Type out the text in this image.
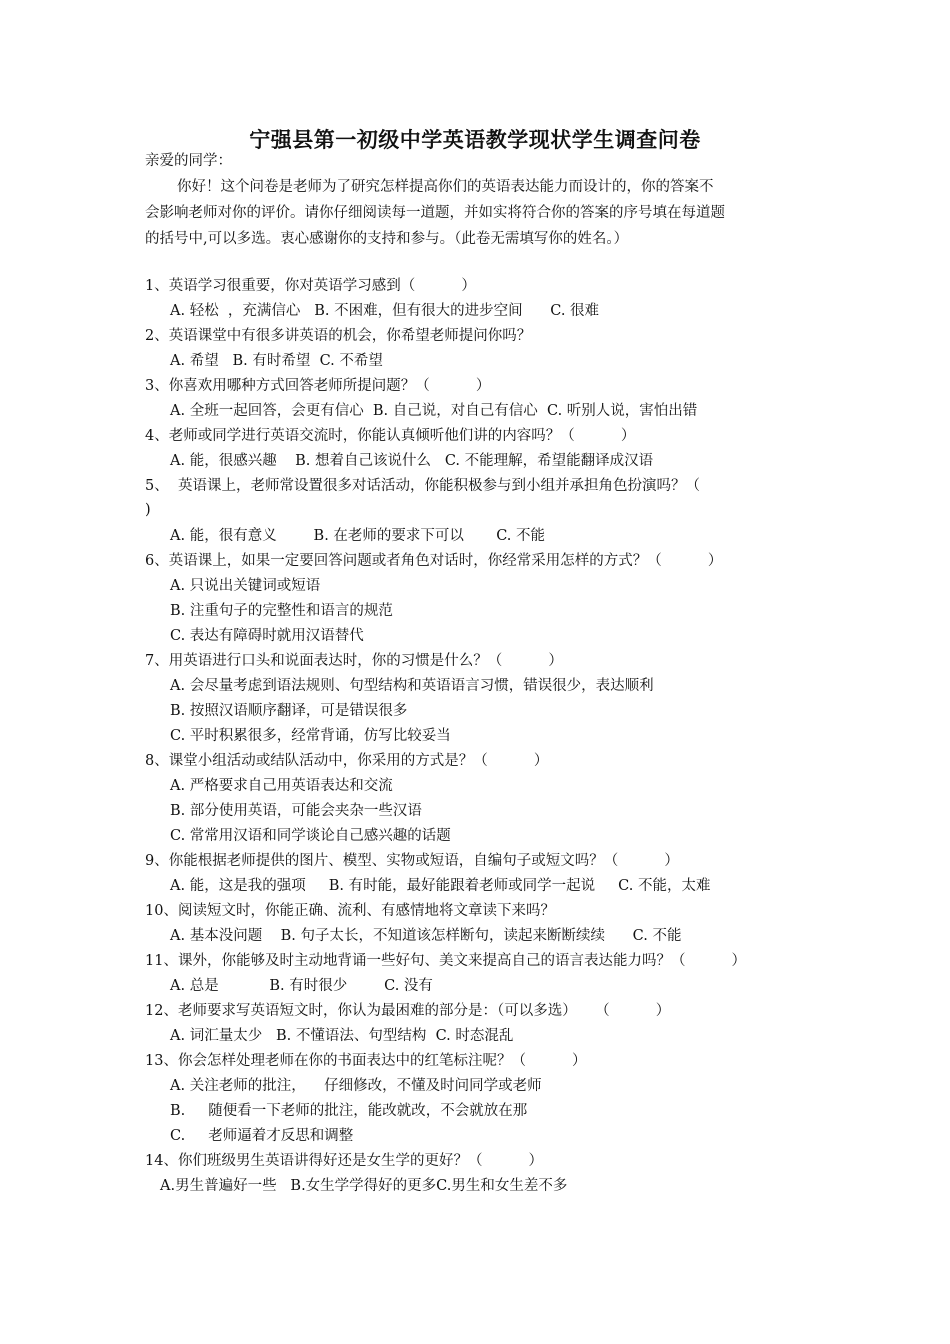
宁强县第一初级中学英语教学现状学生调查问卷
亲爱的同学：
你好！这个问卷是老师为了研究怎样提高你们的英语表达能力而设计的，你的答案不
会影响老师对你的评价。请你仔细阅读每一道题，并如实将符合你的答案的序号填在每道题
的括号中,可以多选。衷心感谢你的支持和参与。（此卷无需填写你的姓名。）
1、英语学习很重要，你对英语学习感到（          ）
A. 轻松  ，充满信心   B. 不困难，但有很大的进步空间      C. 很难
2、英语课堂中有很多讲英语的机会，你希望老师提问你吗？
A. 希望   B. 有时希望  C. 不希望
3、你喜欢用哪种方式回答老师所提问题？（          ）
A. 全班一起回答，会更有信心  B. 自己说，对自己有信心  C. 听别人说，害怕出错
4、老师或同学进行英语交流时，你能认真倾听他们讲的内容吗？（          ）
A. 能，很感兴趣    B. 想着自己该说什么   C. 不能理解，希望能翻译成汉语
5、  英语课上，老师常设置很多对话活动，你能积极参与到小组并承担角色扮演吗？（
)
A. 能，很有意义        B. 在老师的要求下可以       C. 不能
6、英语课上，如果一定要回答问题或者角色对话时，你经常采用怎样的方式？（          ）
A. 只说出关键词或短语
B. 注重句子的完整性和语言的规范
C. 表达有障碍时就用汉语替代
7、用英语进行口头和说面表达时，你的习惯是什么？（          ）
A. 会尽量考虑到语法规则、句型结构和英语语言习惯，错误很少，表达顺利
B. 按照汉语顺序翻译，可是错误很多
C. 平时积累很多，经常背诵，仿写比较妥当
8、课堂小组活动或结队活动中，你采用的方式是？（          ）
A. 严格要求自己用英语表达和交流
B. 部分使用英语，可能会夹杂一些汉语
C. 常常用汉语和同学谈论自己感兴趣的话题
9、你能根据老师提供的图片、模型、实物或短语，自编句子或短文吗？（          ）
A. 能，这是我的强项     B. 有时能，最好能跟着老师或同学一起说     C. 不能，太难
10、阅读短文时，你能正确、流利、有感情地将文章读下来吗？
A. 基本没问题    B. 句子太长，不知道该怎样断句，读起来断断续续      C. 不能
11、课外，你能够及时主动地背诵一些好句、美文来提高自己的语言表达能力吗？（          ）
A. 总是           B. 有时很少        C. 没有
12、老师要求写英语短文时，你认为最困难的部分是：（可以多选）    （          ）
A. 词汇量太少   B. 不懂语法、句型结构  C. 时态混乱
13、你会怎样处理老师在你的书面表达中的红笔标注呢？（          ）
A. 关注老师的批注，    仔细修改，不懂及时问同学或老师
B.     随便看一下老师的批注，能改就改，不会就放在那
C.     老师逼着才反思和调整
14、你们班级男生英语讲得好还是女生学的更好？（          ）
A.男生普遍好一些   B.女生学学得好的更多C.男生和女生差不多
